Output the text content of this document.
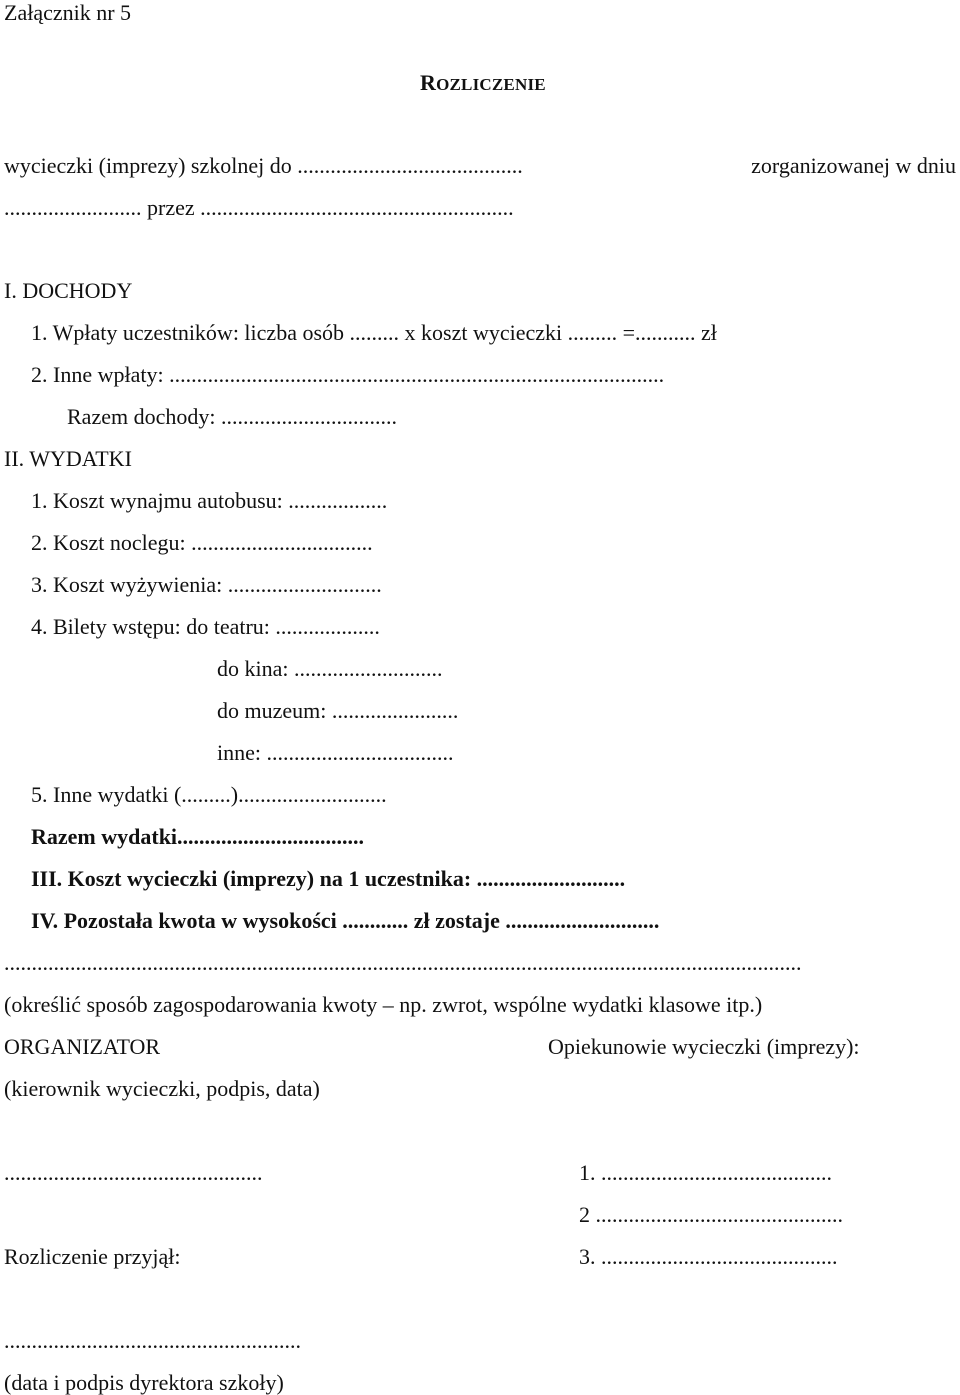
Załącznik nr 5
ROZLICZENIE
wycieczki (imprezy) szkolnej do .........................................	zorganizowanej w dniu
......................... przez .........................................................
I. DOCHODY
1. Wpłaty uczestników: liczba osób ......... x koszt wycieczki ......... =........... zł
2. Inne wpłaty: ..........................................................................................
Razem dochody: ................................
II. WYDATKI
1. Koszt wynajmu autobusu: ..................
2. Koszt noclegu: .................................
3. Koszt wyżywienia: ............................
4. Bilety wstępu: do teatru: ...................
do kina: ...........................
do muzeum: .......................
inne: ..................................
5. Inne wydatki (.........)...........................
Razem wydatki..................................
III. Koszt wycieczki (imprezy) na 1 uczestnika: ...........................
IV. Pozostała kwota w wysokości ............ zł zostaje ............................
.................................................................................................................................................
(określić sposób zagospodarowania kwoty – np. zwrot, wspólne wydatki klasowe itp.)
ORGANIZATOR	Opiekunowie wycieczki (imprezy):
(kierownik wycieczki, podpis, data)
...............................................	1. ..........................................
2 .............................................
Rozliczenie przyjął:	3. ...........................................
......................................................
(data i podpis dyrektora szkoły)
